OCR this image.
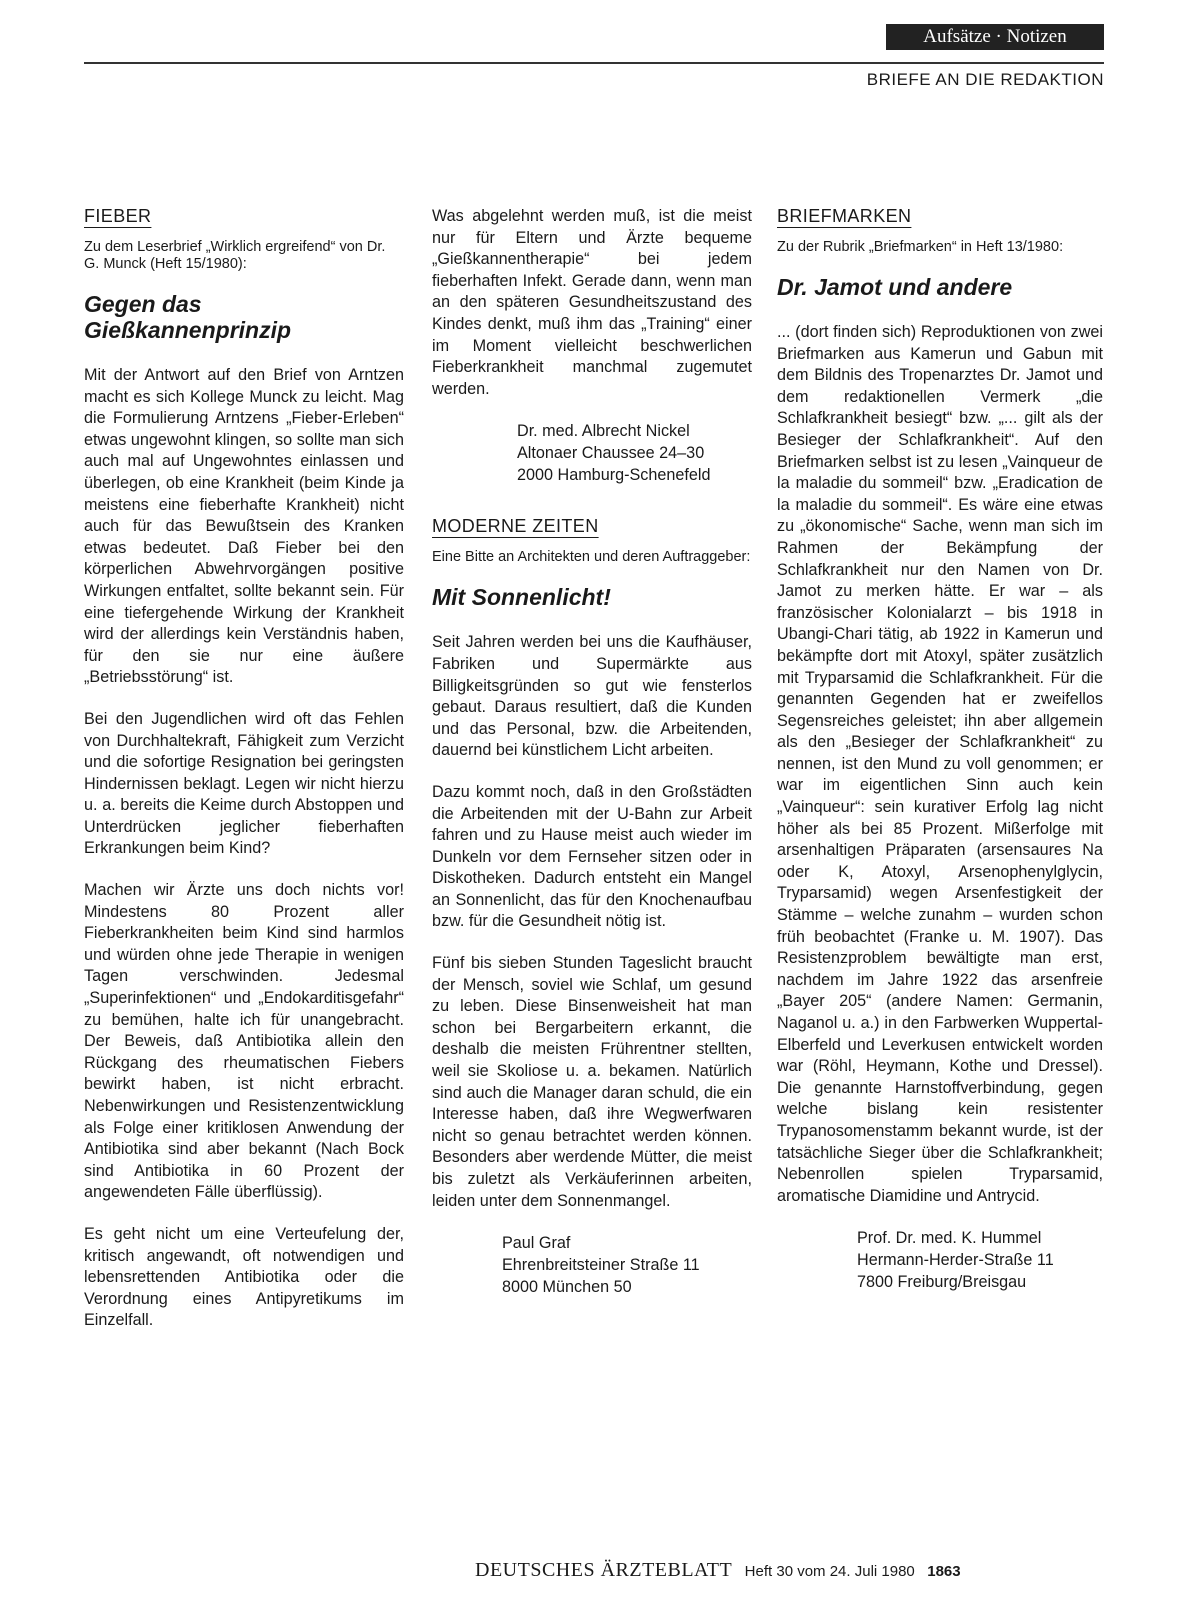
Aufsätze · Notizen
BRIEFE AN DIE REDAKTION
FIEBER
Zu dem Leserbrief „Wirklich ergreifend“ von Dr. G. Munck (Heft 15/1980):
Gegen das Gießkannenprinzip

Mit der Antwort auf den Brief von Arntzen macht es sich Kollege Munck zu leicht. Mag die Formulierung Arntzens „Fieber-Erleben“ etwas ungewohnt klingen, so sollte man sich auch mal auf Ungewohntes einlassen und überlegen, ob eine Krankheit (beim Kinde ja meistens eine fieberhafte Krankheit) nicht auch für das Bewußtsein des Kranken etwas bedeutet. Daß Fieber bei den körperlichen Abwehrvorgängen positive Wirkungen entfaltet, sollte bekannt sein. Für eine tiefergehende Wirkung der Krankheit wird der allerdings kein Verständnis haben, für den sie nur eine äußere „Betriebsstörung“ ist.

Bei den Jugendlichen wird oft das Fehlen von Durchhaltekraft, Fähigkeit zum Verzicht und die sofortige Resignation bei geringsten Hindernissen beklagt. Legen wir nicht hierzu u. a. bereits die Keime durch Abstoppen und Unterdrücken jeglicher fieberhaften Erkrankungen beim Kind?

Machen wir Ärzte uns doch nichts vor! Mindestens 80 Prozent aller Fieberkrankheiten beim Kind sind harmlos und würden ohne jede Therapie in wenigen Tagen verschwinden. Jedesmal „Superinfektionen“ und „Endokarditisgefahr“ zu bemühen, halte ich für unangebracht. Der Beweis, daß Antibiotika allein den Rückgang des rheumatischen Fiebers bewirkt haben, ist nicht erbracht. Nebenwirkungen und Resistenzentwicklung als Folge einer kritiklosen Anwendung der Antibiotika sind aber bekannt (Nach Bock sind Antibiotika in 60 Prozent der angewendeten Fälle überflüssig).

Es geht nicht um eine Verteufelung der, kritisch angewandt, oft notwendigen und lebensrettenden Antibiotika oder die Verordnung eines Antipyretikums im Einzelfall.

Was abgelehnt werden muß, ist die meist nur für Eltern und Ärzte bequeme „Gießkannentherapie“ bei jedem fieberhaften Infekt. Gerade dann, wenn man an den späteren Gesundheitszustand des Kindes denkt, muß ihm das „Training“ einer im Moment vielleicht beschwerlichen Fieberkrankheit manchmal zugemutet werden.

Dr. med. Albrecht Nickel
Altonaer Chaussee 24–30
2000 Hamburg-Schenefeld
MODERNE ZEITEN
Eine Bitte an Architekten und deren Auftraggeber:
Mit Sonnenlicht!

Seit Jahren werden bei uns die Kaufhäuser, Fabriken und Supermärkte aus Billigkeitsgründen so gut wie fensterlos gebaut. Daraus resultiert, daß die Kunden und das Personal, bzw. die Arbeitenden, dauernd bei künstlichem Licht arbeiten.

Dazu kommt noch, daß in den Großstädten die Arbeitenden mit der U-Bahn zur Arbeit fahren und zu Hause meist auch wieder im Dunkeln vor dem Fernseher sitzen oder in Diskotheken. Dadurch entsteht ein Mangel an Sonnenlicht, das für den Knochenaufbau bzw. für die Gesundheit nötig ist.

Fünf bis sieben Stunden Tageslicht braucht der Mensch, soviel wie Schlaf, um gesund zu leben. Diese Binsenweisheit hat man schon bei Bergarbeitern erkannt, die deshalb die meisten Frührentner stellten, weil sie Skoliose u. a. bekamen. Natürlich sind auch die Manager daran schuld, die ein Interesse haben, daß ihre Wegwerfwaren nicht so genau betrachtet werden können. Besonders aber werdende Mütter, die meist bis zuletzt als Verkäuferinnen arbeiten, leiden unter dem Sonnenmangel.

Paul Graf
Ehrenbreitsteiner Straße 11
8000 München 50
BRIEFMARKEN
Zu der Rubrik „Briefmarken“ in Heft 13/1980:
Dr. Jamot und andere

... (dort finden sich) Reproduktionen von zwei Briefmarken aus Kamerun und Gabun mit dem Bildnis des Tropenarztes Dr. Jamot und dem redaktionellen Vermerk „die Schlafkrankheit besiegt“ bzw. „... gilt als der Besieger der Schlafkrankheit“. Auf den Briefmarken selbst ist zu lesen „Vainqueur de la maladie du sommeil“ bzw. „Eradication de la maladie du sommeil“. Es wäre eine etwas zu „ökonomische“ Sache, wenn man sich im Rahmen der Bekämpfung der Schlafkrankheit nur den Namen von Dr. Jamot zu merken hätte. Er war – als französischer Kolonialarzt – bis 1918 in Ubangi-Chari tätig, ab 1922 in Kamerun und bekämpfte dort mit Atoxyl, später zusätzlich mit Tryparsamid die Schlafkrankheit. Für die genannten Gegenden hat er zweifellos Segensreiches geleistet; ihn aber allgemein als den „Besieger der Schlafkrankheit“ zu nennen, ist den Mund zu voll genommen; er war im eigentlichen Sinn auch kein „Vainqueur“: sein kurativer Erfolg lag nicht höher als bei 85 Prozent. Mißerfolge mit arsenhaltigen Präparaten (arsensaures Na oder K, Atoxyl, Arsenophenylglycin, Tryparsamid) wegen Arsenfestigkeit der Stämme – welche zunahm – wurden schon früh beobachtet (Franke u. M. 1907). Das Resistenzproblem bewältigte man erst, nachdem im Jahre 1922 das arsenfreie „Bayer 205“ (andere Namen: Germanin, Naganol u. a.) in den Farbwerken Wuppertal-Elberfeld und Leverkusen entwickelt worden war (Röhl, Heymann, Kothe und Dressel). Die genannte Harnstoffverbindung, gegen welche bislang kein resistenter Trypanosomenstamm bekannt wurde, ist der tatsächliche Sieger über die Schlafkrankheit; Nebenrollen spielen Tryparsamid, aromatische Diamidine und Antrycid.

Prof. Dr. med. K. Hummel
Hermann-Herder-Straße 11
7800 Freiburg/Breisgau
DEUTSCHES ÄRZTEBLATT Heft 30 vom 24. Juli 1980 1863
